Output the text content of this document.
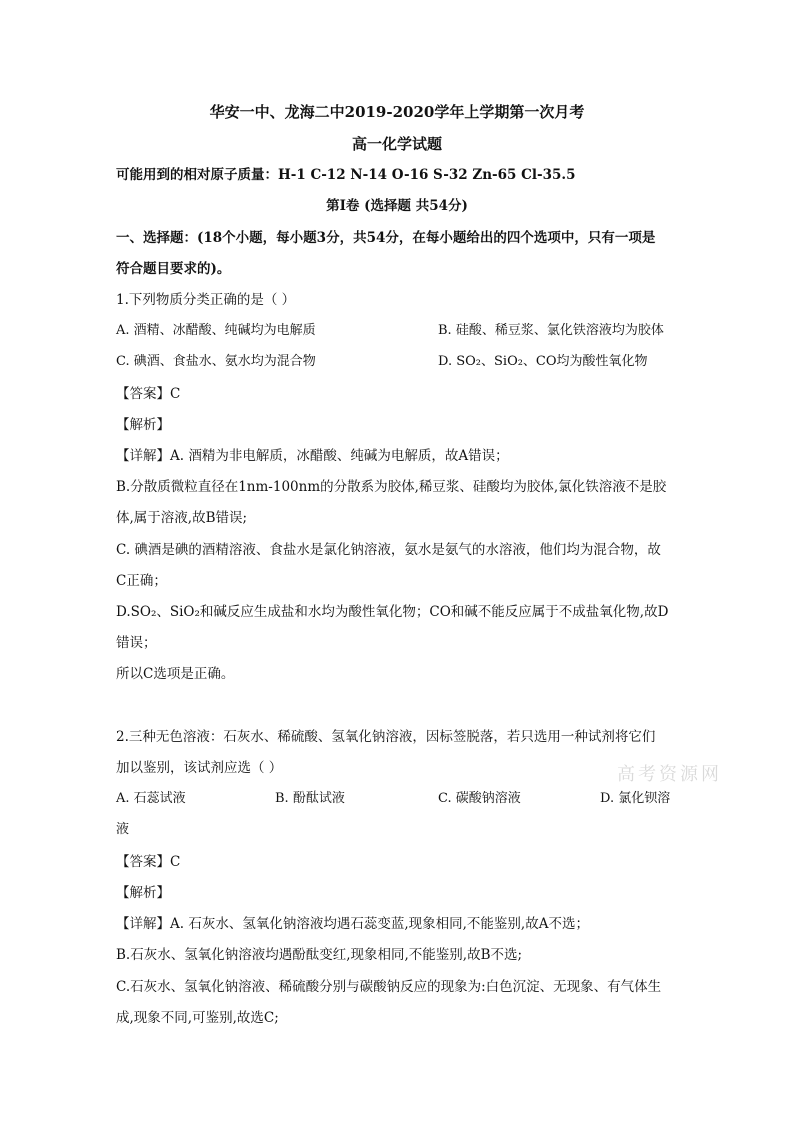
华安一中、龙海二中2019-2020学年上学期第一次月考
高一化学试题
可能用到的相对原子质量：H-1 C-12 N-14 O-16 S-32 Zn-65 Cl-35.5
第Ⅰ卷 (选择题 共54分)
一、选择题：(18个小题，每小题3分，共54分，在每小题给出的四个选项中，只有一项是
符合题目要求的)。
1.下列物质分类正确的是（ ）
A. 酒精、冰醋酸、纯碱均为电解质	B. 硅酸、稀豆浆、氯化铁溶液均为胶体
C. 碘酒、食盐水、氨水均为混合物	D. SO₂、SiO₂、CO均为酸性氧化物
【答案】C
【解析】
【详解】A. 酒精为非电解质，冰醋酸、纯碱为电解质，故A错误；
B.分散质微粒直径在1nm-100nm的分散系为胶体,稀豆浆、硅酸均为胶体,氯化铁溶液不是胶
体,属于溶液,故B错误;
C. 碘酒是碘的酒精溶液、食盐水是氯化钠溶液，氨水是氨气的水溶液，他们均为混合物，故
C正确；
D.SO₂、SiO₂和碱反应生成盐和水均为酸性氧化物；CO和碱不能反应属于不成盐氧化物,故D
错误；
所以C选项是正确。
2.三种无色溶液：石灰水、稀硫酸、氢氧化钠溶液，因标签脱落，若只选用一种试剂将它们
加以鉴别，该试剂应选（ ）
A. 石蕊试液	B. 酚酞试液	C. 碳酸钠溶液	D. 氯化钡溶
液
【答案】C
【解析】
【详解】A. 石灰水、氢氧化钠溶液均遇石蕊变蓝,现象相同,不能鉴别,故A不选；
B.石灰水、氢氧化钠溶液均遇酚酞变红,现象相同,不能鉴别,故B不选;
C.石灰水、氢氧化钠溶液、稀硫酸分别与碳酸钠反应的现象为:白色沉淀、无现象、有气体生
成,现象不同,可鉴别,故选C;
高考资源网
